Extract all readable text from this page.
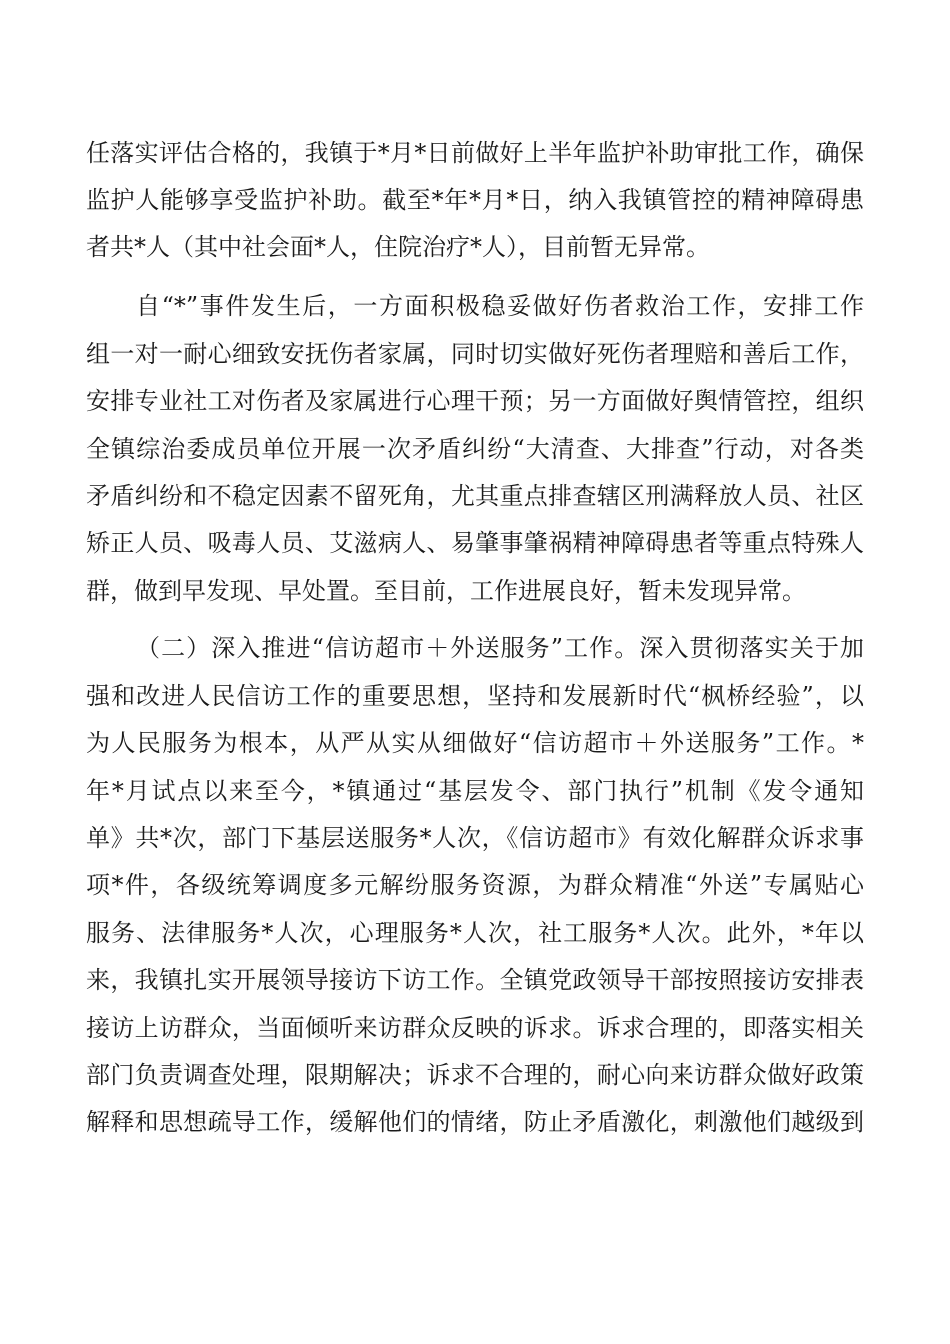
任落实评估合格的，我镇于*月*日前做好上半年监护补助审批工作，确保
监护人能够享受监护补助。截至*年*月*日，纳入我镇管控的精神障碍患
者共*人（其中社会面*人，住院治疗*人），目前暂无异常。
自“*”事件发生后，一方面积极稳妥做好伤者救治工作，安排工作
组一对一耐心细致安抚伤者家属，同时切实做好死伤者理赔和善后工作，
安排专业社工对伤者及家属进行心理干预；另一方面做好舆情管控，组织
全镇综治委成员单位开展一次矛盾纠纷“大清查、大排查”行动，对各类
矛盾纠纷和不稳定因素不留死角，尤其重点排查辖区刑满释放人员、社区
矫正人员、吸毒人员、艾滋病人、易肇事肇祸精神障碍患者等重点特殊人
群，做到早发现、早处置。至目前，工作进展良好，暂未发现异常。
（二）深入推进“信访超市＋外送服务”工作。深入贯彻落实关于加
强和改进人民信访工作的重要思想，坚持和发展新时代“枫桥经验”，以
为人民服务为根本，从严从实从细做好“信访超市＋外送服务”工作。*
年*月试点以来至今，*镇通过“基层发令、部门执行”机制《发令通知
单》共*次，部门下基层送服务*人次，《信访超市》有效化解群众诉求事
项*件，各级统筹调度多元解纷服务资源，为群众精准“外送”专属贴心
服务、法律服务*人次，心理服务*人次，社工服务*人次。此外，*年以
来，我镇扎实开展领导接访下访工作。全镇党政领导干部按照接访安排表
接访上访群众，当面倾听来访群众反映的诉求。诉求合理的，即落实相关
部门负责调查处理，限期解决；诉求不合理的，耐心向来访群众做好政策
解释和思想疏导工作，缓解他们的情绪，防止矛盾激化，刺激他们越级到
